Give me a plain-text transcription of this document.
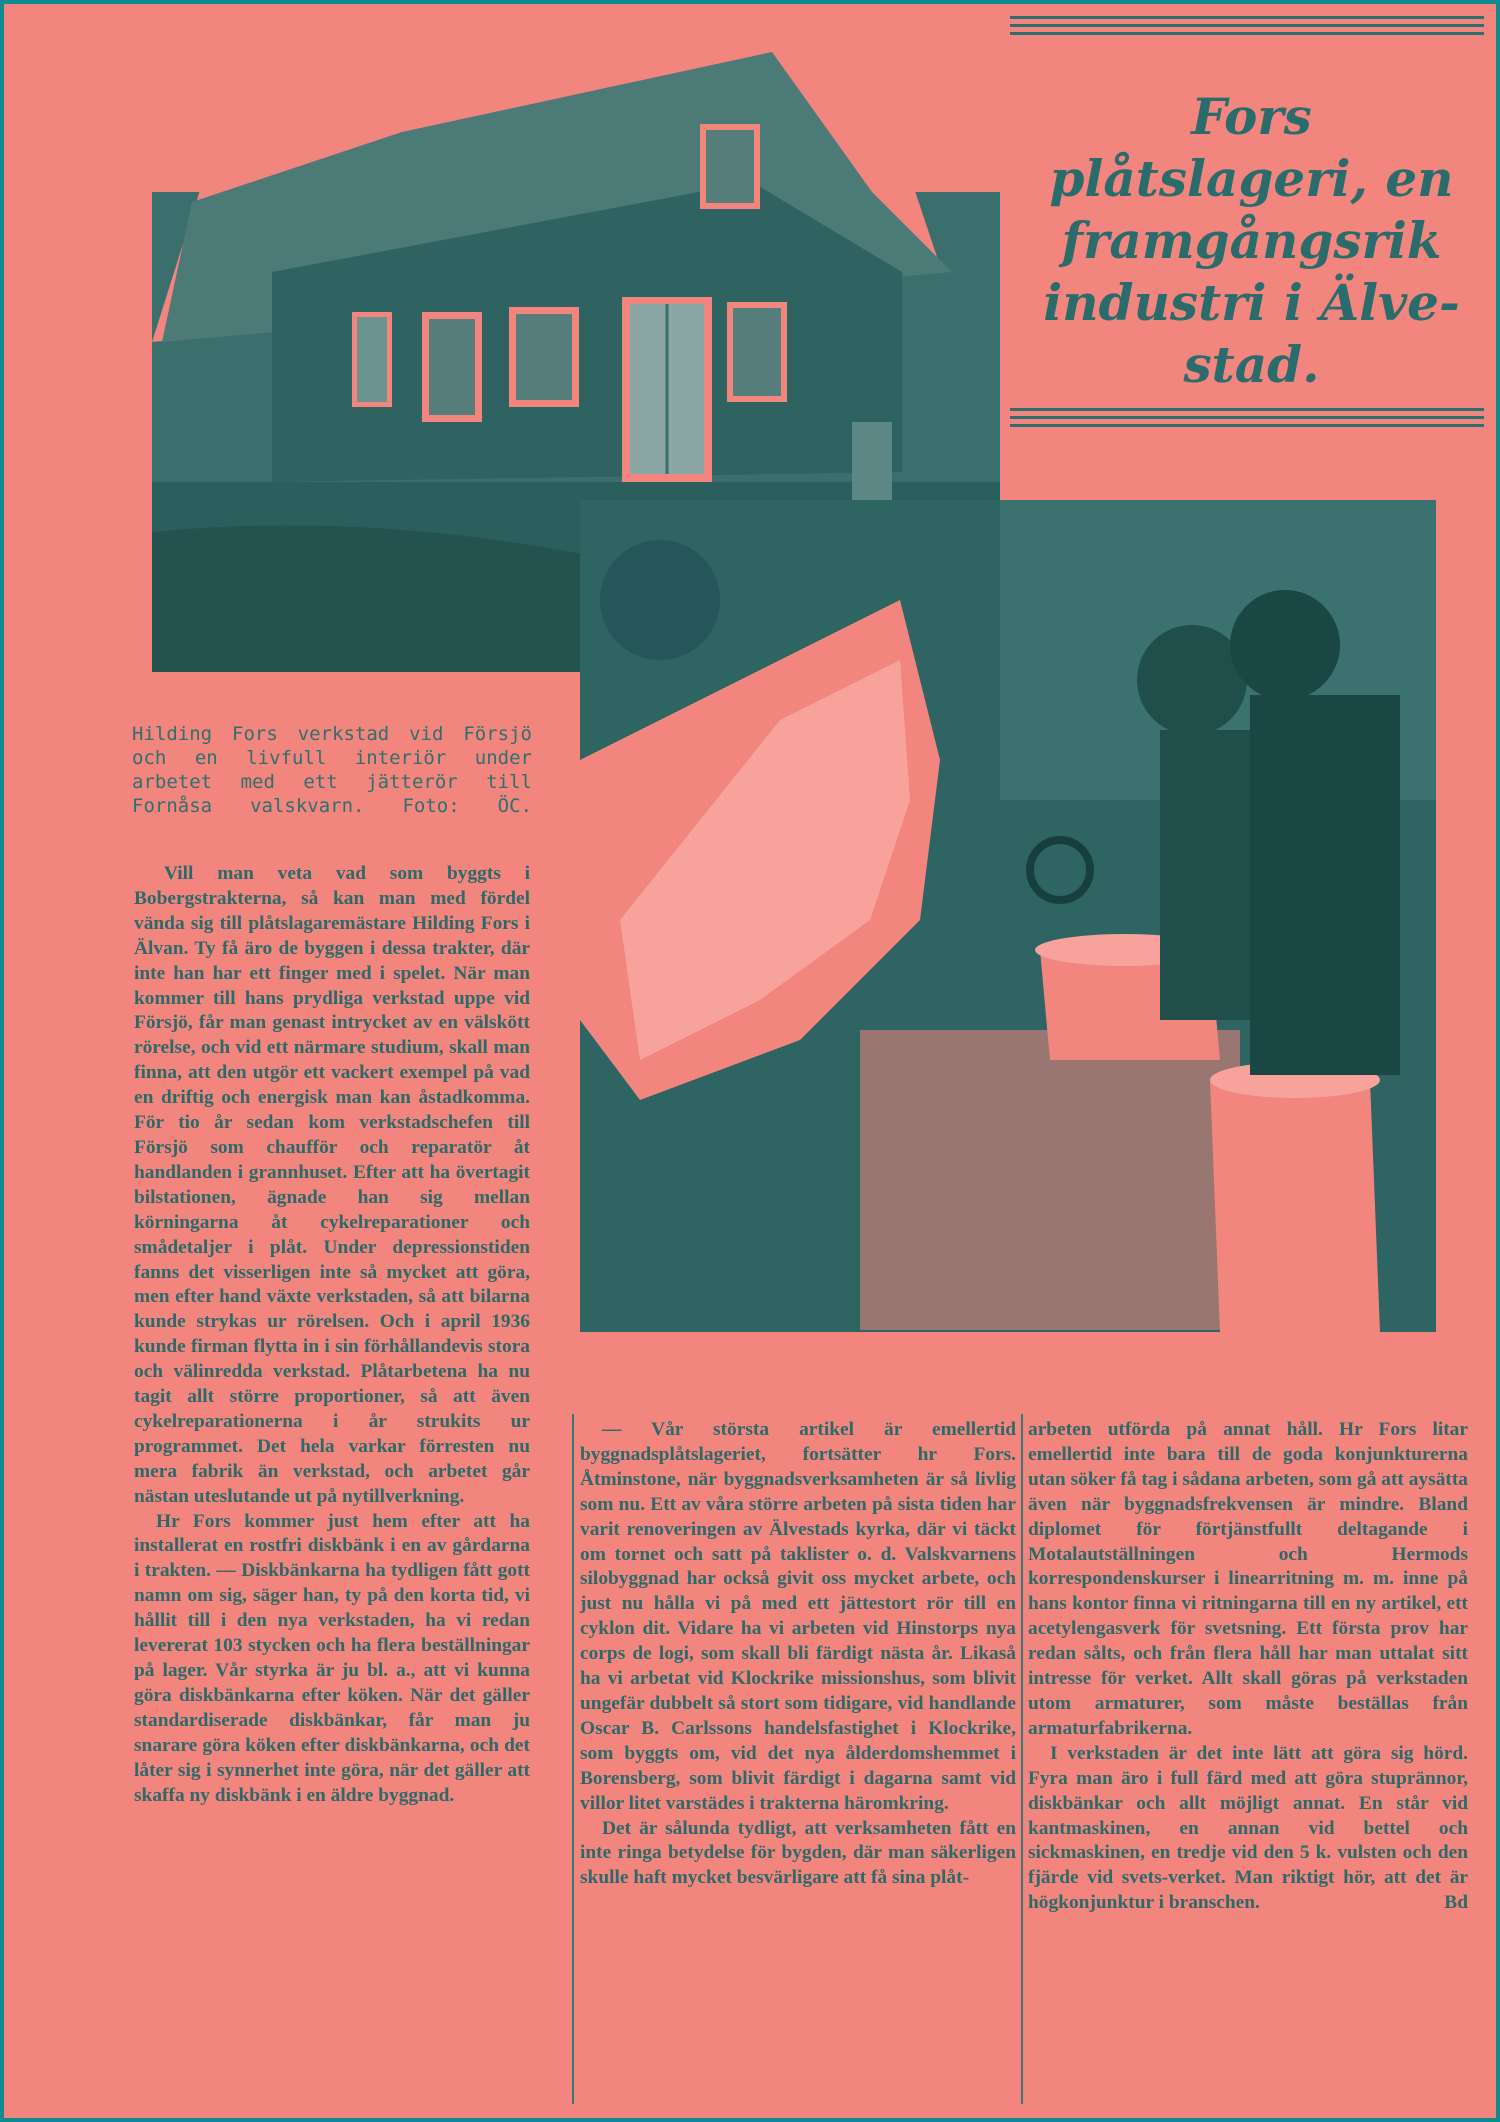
Fors plåtslageri, en framgångsrik industri i Älve-stad.
Hilding Fors verkstad vid Försjö och en livfull interiör under arbetet med ett jätterör till Fornåsa valskvarn. Foto: ÖC.

Vill man veta vad som byggts i Bobergstrakterna, så kan man med fördel vända sig till plåtslagaremästare Hilding Fors i Älvan. Ty få äro de byggen i dessa trakter, där inte han har ett finger med i spelet. När man kommer till hans prydliga verkstad uppe vid Försjö, får man genast intrycket av en välskött rörelse, och vid ett närmare studium, skall man finna, att den utgör ett vackert exempel på vad en driftig och energisk man kan åstadkomma. För tio år sedan kom verkstadschefen till Försjö som chaufför och reparatör åt handlanden i grannhuset. Efter att ha övertagit bilstationen, ägnade han sig mellan körningarna åt cykelreparationer och smådetaljer i plåt. Under depressionstiden fanns det visserligen inte så mycket att göra, men efter hand växte verkstaden, så att bilarna kunde strykas ur rörelsen. Och i april 1936 kunde firman flytta in i sin förhållandevis stora och välinredda verkstad. Plåtarbetena ha nu tagit allt större proportioner, så att även cykelreparationerna i år strukits ur programmet. Det hela varkar förresten nu mera fabrik än verkstad, och arbetet går nästan uteslutande ut på nytillverkning.

Hr Fors kommer just hem efter att ha installerat en rostfri diskbänk i en av gårdarna i trakten. — Diskbänkarna ha tydligen fått gott namn om sig, säger han, ty på den korta tid, vi hållit till i den nya verkstaden, ha vi redan levererat 103 stycken och ha flera beställningar på lager. Vår styrka är ju bl. a., att vi kunna göra diskbänkarna efter köken. När det gäller standardiserade diskbänkar, får man ju snarare göra köken efter diskbänkarna, och det låter sig i synnerhet inte göra, när det gäller att skaffa ny diskbänk i en äldre byggnad.

— Vår största artikel är emellertid byggnadsplåtslageriet, fortsätter hr Fors. Åtminstone, när byggnadsverksamheten är så livlig som nu. Ett av våra större arbeten på sista tiden har varit renoveringen av Älvestads kyrka, där vi täckt om tornet och satt på taklister o. d. Valskvarnens silobyggnad har också givit oss mycket arbete, och just nu hålla vi på med ett jättestort rör till en cyklon dit. Vidare ha vi arbeten vid Hinstorps nya corps de logi, som skall bli färdigt nästa år. Likaså ha vi arbetat vid Klockrike missionshus, som blivit ungefär dubbelt så stort som tidigare, vid handlande Oscar B. Carlssons handelsfastighet i Klockrike, som byggts om, vid det nya ålderdomshemmet i Borensberg, som blivit färdigt i dagarna samt vid villor litet varstädes i trakterna häromkring.

Det är sålunda tydligt, att verksamheten fått en inte ringa betydelse för bygden, där man säkerligen skulle haft mycket besvärligare att få sina plåt-

arbeten utförda på annat håll. Hr Fors litar emellertid inte bara till de goda konjunkturerna utan söker få tag i sådana arbeten, som gå att aysätta även när byggnadsfrekvensen är mindre. Bland diplomet för förtjänstfullt deltagande i Motalautställningen och Hermods korrespondenskurser i linearritning m. m. inne på hans kontor finna vi ritningarna till en ny artikel, ett acetylengasverk för svetsning. Ett första prov har redan sålts, och från flera håll har man uttalat sitt intresse för verket. Allt skall göras på verkstaden utom armaturer, som måste beställas från armaturfabrikerna.

I verkstaden är det inte lätt att göra sig hörd. Fyra man äro i full färd med att göra stuprännor, diskbänkar och allt möjligt annat. En står vid kantmaskinen, en annan vid bettel och sickmaskinen, en tredje vid den 5 k. vulsten och den fjärde vid svets-verket. Man riktigt hör, att det är högkonjunktur i branschen.	Bd
